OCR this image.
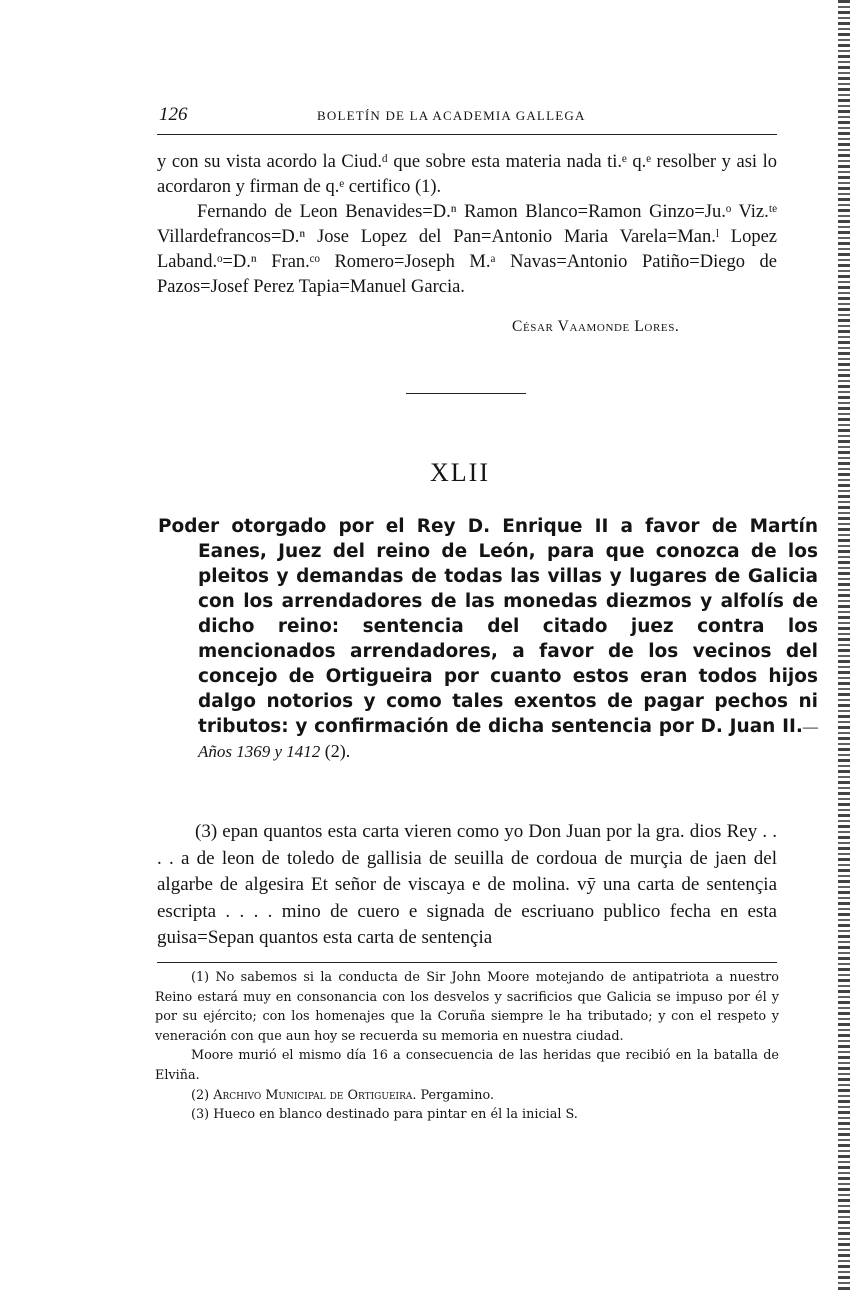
126	BOLETÍN DE LA ACADEMIA GALLEGA

y con su vista acordo la Ciud.ᵈ que sobre esta materia nada ti.ᵉ q.ᵉ resolber y asi lo acordaron y firman de q.ᵉ certifico (1).

Fernando de Leon Benavides=D.ⁿ Ramon Blanco=Ramon Ginzo=Ju.ᵒ Viz.ᵗᵉ Villardefrancos=D.ⁿ Jose Lopez del Pan=Antonio Maria Varela=Man.ˡ Lopez Laband.ᵒ=D.ⁿ Fran.ᶜᵒ Romero=Joseph M.ᵃ Navas=Antonio Patiño=Diego de Pazos=Josef Perez Tapia=Manuel Garcia.

César Vaamonde Lores.
XLII

Poder otorgado por el Rey D. Enrique II a favor de Martín Eanes, Juez del reino de León, para que conozca de los pleitos y demandas de todas las villas y lugares de Galicia con los arrendadores de las monedas diezmos y alfolís de dicho reino: sentencia del citado juez contra los mencionados arrendadores, a favor de los vecinos del concejo de Ortigueira por cuanto estos eran todos hijos dalgo notorios y como tales exentos de pagar pechos ni tributos: y confirmación de dicha sentencia por D. Juan II.—Años 1369 y 1412 (2).

(3) epan quantos esta carta vieren como yo Don Juan por la gra. dios Rey . . . . a de leon de toledo de gallisia de seuilla de cordoua de murçia de jaen del algarbe de algesira Et señor de viscaya e de molina. vӯ una carta de sentençia escripta . . . . mino de cuero e signada de escriuano publico fecha en esta guisa=Sepan quantos esta carta de sentençia

(1) No sabemos si la conducta de Sir John Moore motejando de antipatriota a nuestro Reino estará muy en consonancia con los desvelos y sacrificios que Galicia se impuso por él y por su ejército; con los homenajes que la Coruña siempre le ha tributado; y con el respeto y veneración con que aun hoy se recuerda su memoria en nuestra ciudad.

Moore murió el mismo día 16 a consecuencia de las heridas que recibió en la batalla de Elviña.

(2) Archivo Municipal de Ortigueira. Pergamino.

(3) Hueco en blanco destinado para pintar en él la inicial S.
